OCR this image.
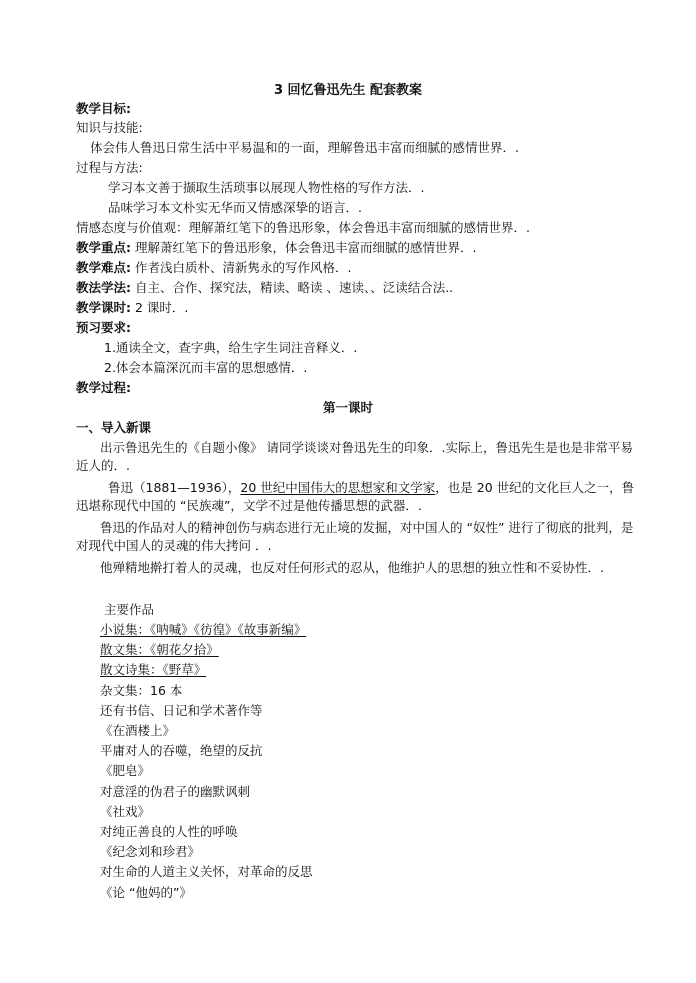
3 回忆鲁迅先生 配套教案
教学目标:
知识与技能:
体会伟人鲁迅日常生活中平易温和的一面，理解鲁迅丰富而细腻的感情世界．.
过程与方法:
学习本文善于撷取生活琐事以展现人物性格的写作方法．.
品味学习本文朴实无华而又情感深挚的语言．.
情感态度与价值观：理解萧红笔下的鲁迅形象，体会鲁迅丰富而细腻的感情世界．.
教学重点: 理解萧红笔下的鲁迅形象，体会鲁迅丰富而细腻的感情世界．.
教学难点: 作者浅白质朴、清新隽永的写作风格．.
教法学法: 自主、合作、探究法，精读、略读 、速读、、泛读结合法..
教学课时: 2 课时．.
预习要求:
1.通读全文，查字典，给生字生词注音释义．.
2.体会本篇深沉而丰富的思想感情．.
教学过程:
第一课时
一、导入新课
出示鲁迅先生的《自题小像》 请同学谈谈对鲁迅先生的印象．.实际上，鲁迅先生是也是非常平易近人的．.
鲁迅（1881—1936），20 世纪中国伟大的思想家和文学家，也是 20 世纪的文化巨人之一，鲁迅堪称现代中国的 “民族魂”，文学不过是他传播思想的武器．.
鲁迅的作品对人的精神创伤与病态进行无止境的发掘，对中国人的 “奴性” 进行了彻底的批判，是对现代中国人的灵魂的伟大拷问 ．.
他殚精地擀打着人的灵魂，也反对任何形式的忍从，他维护人的思想的独立性和不妥协性．.
主要作品
小说集：《呐喊》《彷徨》《故事新编》
散文集：《朝花夕拾》
散文诗集：《野草》
杂文集：16 本
还有书信、日记和学术著作等
《在酒楼上》
平庸对人的吞噬，绝望的反抗
《肥皂》
对意淫的伪君子的幽默讽刺
《社戏》
对纯正善良的人性的呼唤
《纪念刘和珍君》
对生命的人道主义关怀，对革命的反思
《论 “他妈的”》
